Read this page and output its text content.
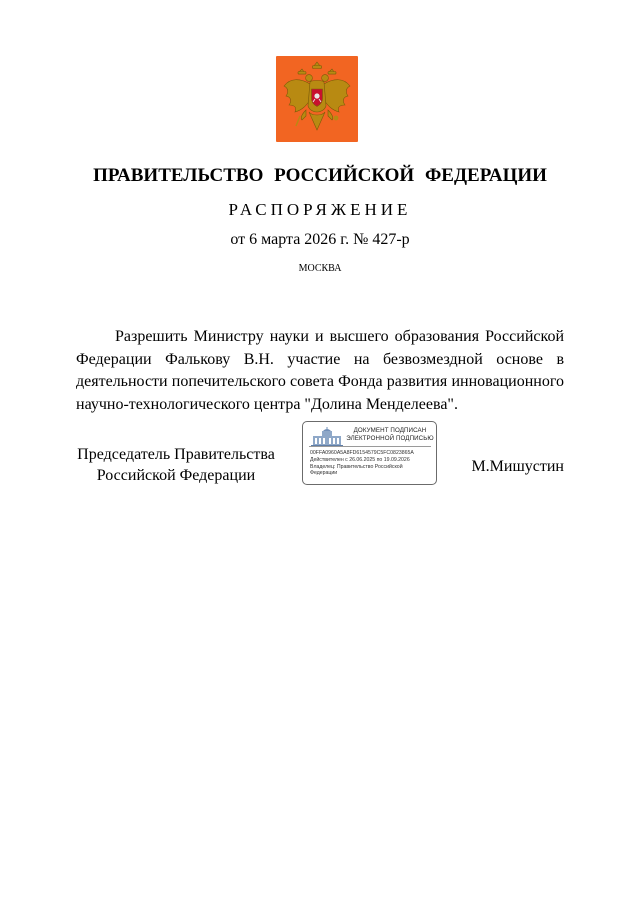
ПРАВИТЕЛЬСТВО РОССИЙСКОЙ ФЕДЕРАЦИИ
РАСПОРЯЖЕНИЕ
от 6 марта 2026 г. № 427-р
МОСКВА
Разрешить Министру науки и высшего образования Российской Федерации Фалькову В.Н. участие на безвозмездной основе в деятельности попечительского совета Фонда развития инновационного научно-технологического центра "Долина Менделеева".
Председатель Правительства
Российской Федерации
ДОКУМЕНТ ПОДПИСАН
ЭЛЕКТРОННОЙ ПОДПИСЬЮ
00FFA0960A5A8FD6154579C5FC0823865A
Действителен с 26.06.2025 по 19.09.2026
Владелец: Правительство Российской
Федерации	М.Мишустин
